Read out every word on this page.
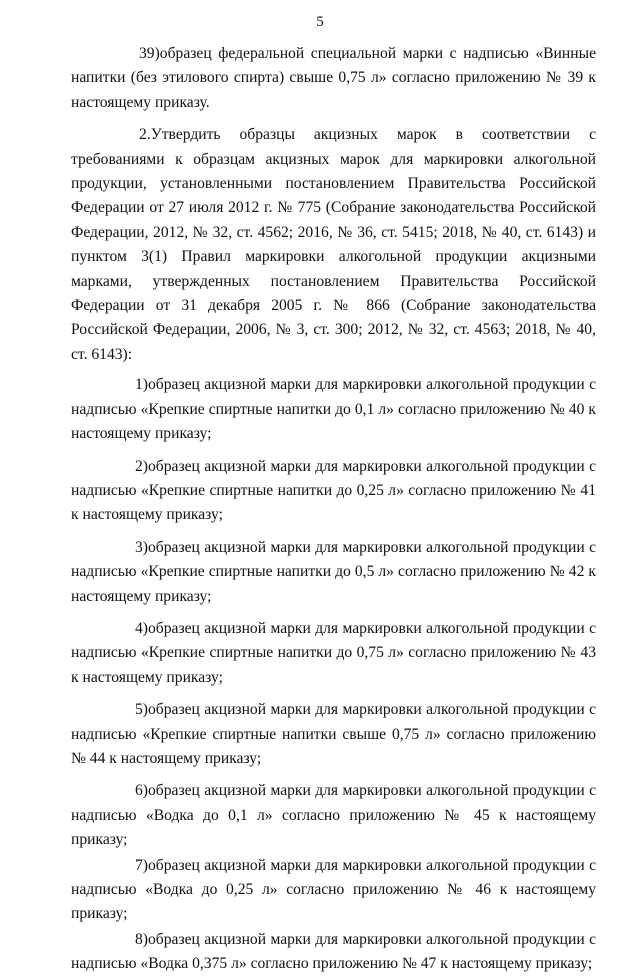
5

39)образец федеральной специальной марки с надписью «Винные напитки (без этилового спирта) свыше 0,75 л» согласно приложению № 39 к настоящему приказу.

2.Утвердить образцы акцизных марок в соответствии с требованиями к образцам акцизных марок для маркировки алкогольной продукции, установленными постановлением Правительства Российской Федерации от 27 июля 2012 г. № 775 (Собрание законодательства Российской Федерации, 2012, № 32, ст. 4562; 2016, № 36, ст. 5415; 2018, № 40, ст. 6143) и пунктом 3(1) Правил маркировки алкогольной продукции акцизными марками, утвержденных постановлением Правительства Российской Федерации от 31 декабря 2005 г. № 866 (Собрание законодательства Российской Федерации, 2006, № 3, ст. 300; 2012, № 32, ст. 4563; 2018, № 40, ст. 6143):

1)образец акцизной марки для маркировки алкогольной продукции с надписью «Крепкие спиртные напитки до 0,1 л» согласно приложению № 40 к настоящему приказу;

2)образец акцизной марки для маркировки алкогольной продукции с надписью «Крепкие спиртные напитки до 0,25 л» согласно приложению № 41 к настоящему приказу;

3)образец акцизной марки для маркировки алкогольной продукции с надписью «Крепкие спиртные напитки до 0,5 л» согласно приложению № 42 к настоящему приказу;

4)образец акцизной марки для маркировки алкогольной продукции с надписью «Крепкие спиртные напитки до 0,75 л» согласно приложению № 43 к настоящему приказу;

5)образец акцизной марки для маркировки алкогольной продукции с надписью «Крепкие спиртные напитки свыше 0,75 л» согласно приложению № 44 к настоящему приказу;

6)образец акцизной марки для маркировки алкогольной продукции с надписью «Водка до 0,1 л» согласно приложению № 45 к настоящему приказу;

7)образец акцизной марки для маркировки алкогольной продукции с надписью «Водка до 0,25 л» согласно приложению № 46 к настоящему приказу;

8)образец акцизной марки для маркировки алкогольной продукции с надписью «Водка 0,375 л» согласно приложению № 47 к настоящему приказу;
